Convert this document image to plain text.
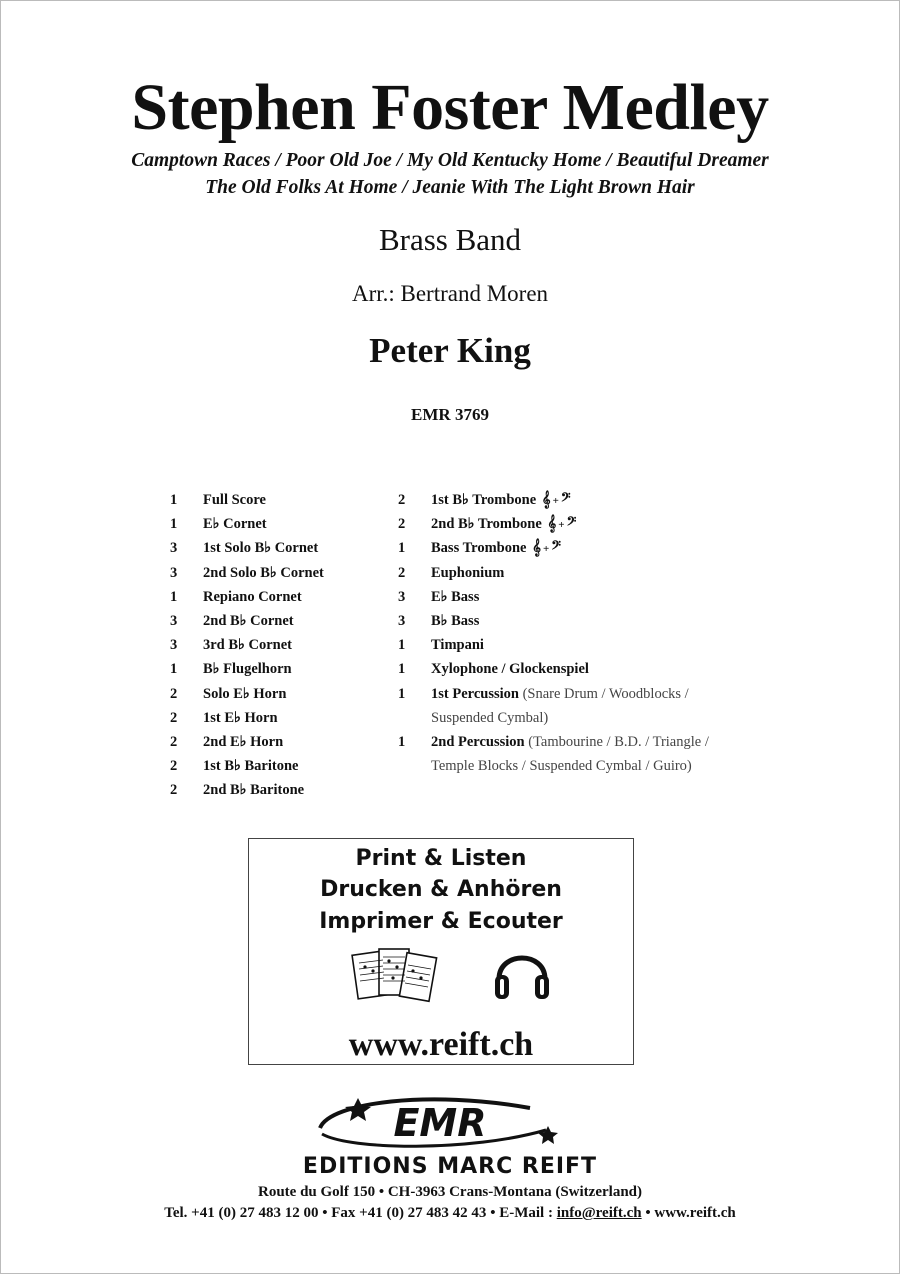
Stephen Foster Medley
Camptown Races / Poor Old Joe / My Old Kentucky Home / Beautiful Dreamer
The Old Folks At Home / Jeanie With The Light Brown Hair
Brass Band
Arr.: Bertrand Moren
Peter King
EMR 3769
1 Full Score
1 E♭ Cornet
3 1st Solo B♭ Cornet
3 2nd Solo B♭ Cornet
1 Repiano Cornet
3 2nd B♭ Cornet
3 3rd B♭ Cornet
1 B♭ Flugelhorn
2 Solo E♭ Horn
2 1st E♭ Horn
2 2nd E♭ Horn
2 1st B♭ Baritone
2 2nd B♭ Baritone
2 1st B♭ Trombone 𝄞 + 𝄢
2 2nd B♭ Trombone 𝄞 + 𝄢
1 Bass Trombone 𝄞 + 𝄢
2 Euphonium
3 E♭ Bass
3 B♭ Bass
1 Timpani
1 Xylophone / Glockenspiel
1 1st Percussion (Snare Drum / Woodblocks /
Suspended Cymbal)
1 2nd Percussion (Tambourine / B.D. / Triangle /
Temple Blocks / Suspended Cymbal / Guiro)
Print & Listen
Drucken & Anhören
Imprimer & Ecouter
www.reift.ch
EMR
EDITIONS MARC REIFT
Route du Golf 150 • CH-3963 Crans-Montana (Switzerland)
Tel. +41 (0) 27 483 12 00 • Fax +41 (0) 27 483 42 43 • E-Mail : info@reift.ch • www.reift.ch
